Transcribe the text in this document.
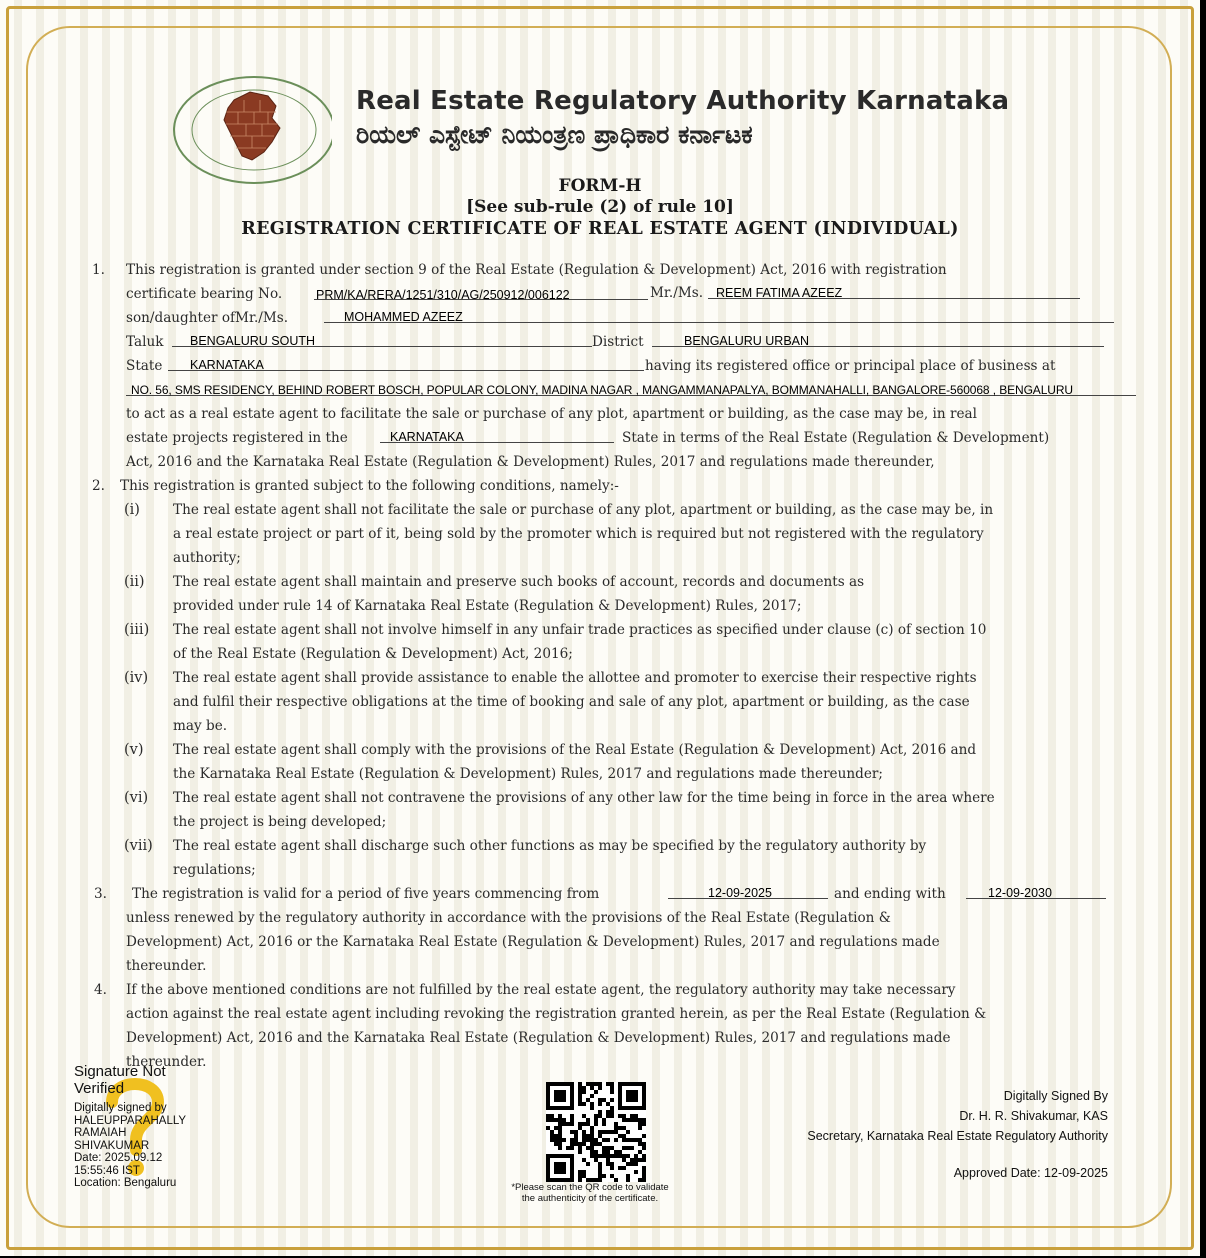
Real Estate Regulatory Authority Karnataka
ರಿಯಲ್ ಎಸ್ಟೇಟ್ ನಿಯಂತ್ರಣ ಪ್ರಾಧಿಕಾರ ಕರ್ನಾಟಕ
FORM-H
[See sub-rule (2) of rule 10]
REGISTRATION CERTIFICATE OF REAL ESTATE AGENT (INDIVIDUAL)
1. This registration is granted under section 9 of the Real Estate (Regulation & Development) Act, 2016 with registration
certificate bearing No.	PRM/KA/RERA/1251/310/AG/250912/006122	Mr./Ms. REEM FATIMA AZEEZ
son/daughter ofMr./Ms.	MOHAMMED AZEEZ
Taluk BENGALURU SOUTH	District	BENGALURU URBAN
State KARNATAKA	having its registered office or principal place of business at
NO. 56, SMS RESIDENCY, BEHIND ROBERT BOSCH, POPULAR COLONY, MADINA NAGAR , MANGAMMANAPALYA, BOMMANAHALLI, BANGALORE-560068 , BENGALURU
to act as a real estate agent to facilitate the sale or purchase of any plot, apartment or building, as the case may be, in real
estate projects registered in the	KARNATAKA	State in terms of the Real Estate (Regulation & Development)
Act, 2016 and the Karnataka Real Estate (Regulation & Development) Rules, 2017 and regulations made thereunder,
2. This registration is granted subject to the following conditions, namely:-
(i) The real estate agent shall not facilitate the sale or purchase of any plot, apartment or building, as the case may be, in
a real estate project or part of it, being sold by the promoter which is required but not registered with the regulatory
authority;
(ii) The real estate agent shall maintain and preserve such books of account, records and documents as
provided under rule 14 of Karnataka Real Estate (Regulation & Development) Rules, 2017;
(iii) The real estate agent shall not involve himself in any unfair trade practices as specified under clause (c) of section 10
of the Real Estate (Regulation & Development) Act, 2016;
(iv) The real estate agent shall provide assistance to enable the allottee and promoter to exercise their respective rights
and fulfil their respective obligations at the time of booking and sale of any plot, apartment or building, as the case
may be.
(v) The real estate agent shall comply with the provisions of the Real Estate (Regulation & Development) Act, 2016 and
the Karnataka Real Estate (Regulation & Development) Rules, 2017 and regulations made thereunder;
(vi) The real estate agent shall not contravene the provisions of any other law for the time being in force in the area where
the project is being developed;
(vii) The real estate agent shall discharge such other functions as may be specified by the regulatory authority by
regulations;
3. The registration is valid for a period of five years commencing from	12-09-2025	and ending with	12-09-2030
unless renewed by the regulatory authority in accordance with the provisions of the Real Estate (Regulation &
Development) Act, 2016 or the Karnataka Real Estate (Regulation & Development) Rules, 2017 and regulations made
thereunder.
4. If the above mentioned conditions are not fulfilled by the real estate agent, the regulatory authority may take necessary
action against the real estate agent including revoking the registration granted herein, as per the Real Estate (Regulation &
Development) Act, 2016 and the Karnataka Real Estate (Regulation & Development) Rules, 2017 and regulations made
thereunder.
Signature Not
Verified
Digitally signed by
HALEUPPARAHALLY
RAMAIAH
SHIVAKUMAR
Date: 2025.09.12
15:55:46 IST
Location: Bengaluru	*Please scan the QR code to validate
the authenticity of the certificate.
Digitally Signed By
Dr. H. R. Shivakumar, KAS
Secretary, Karnataka Real Estate Regulatory Authority
Approved Date: 12-09-2025
